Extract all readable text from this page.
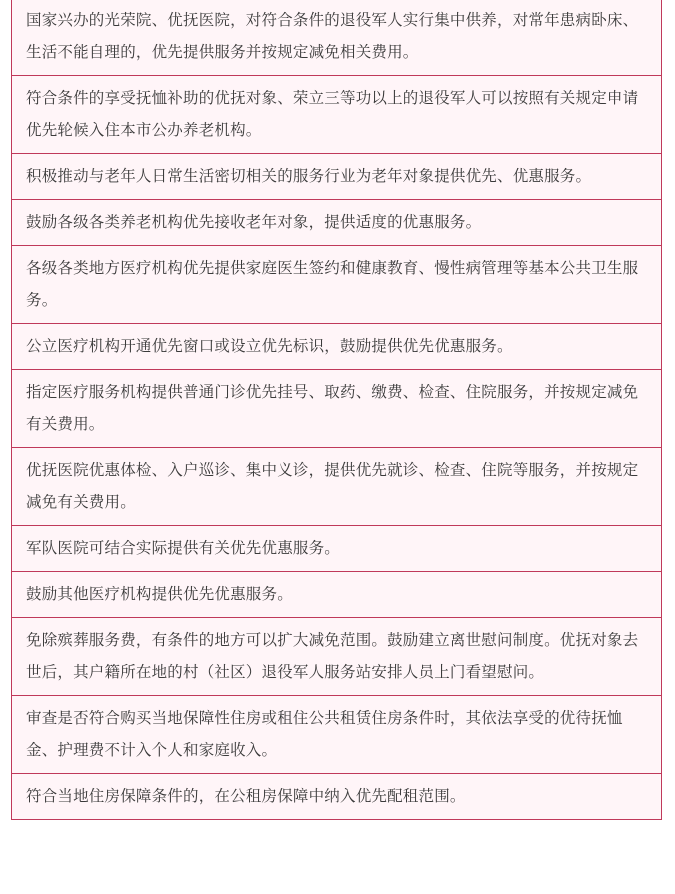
国家兴办的光荣院、优抚医院，对符合条件的退役军人实行集中供养，对常年患病卧床、生活不能自理的，优先提供服务并按规定减免相关费用。
符合条件的享受抚恤补助的优抚对象、荣立三等功以上的退役军人可以按照有关规定申请优先轮候入住本市公办养老机构。
积极推动与老年人日常生活密切相关的服务行业为老年对象提供优先、优惠服务。
鼓励各级各类养老机构优先接收老年对象，提供适度的优惠服务。
各级各类地方医疗机构优先提供家庭医生签约和健康教育、慢性病管理等基本公共卫生服务。
公立医疗机构开通优先窗口或设立优先标识，鼓励提供优先优惠服务。
指定医疗服务机构提供普通门诊优先挂号、取药、缴费、检查、住院服务，并按规定减免有关费用。
优抚医院优惠体检、入户巡诊、集中义诊，提供优先就诊、检查、住院等服务，并按规定减免有关费用。
军队医院可结合实际提供有关优先优惠服务。
鼓励其他医疗机构提供优先优惠服务。
免除殡葬服务费，有条件的地方可以扩大减免范围。鼓励建立离世慰问制度。优抚对象去世后，其户籍所在地的村（社区）退役军人服务站安排人员上门看望慰问。
审查是否符合购买当地保障性住房或租住公共租赁住房条件时，其依法享受的优待抚恤金、护理费不计入个人和家庭收入。
符合当地住房保障条件的，在公租房保障中纳入优先配租范围。
